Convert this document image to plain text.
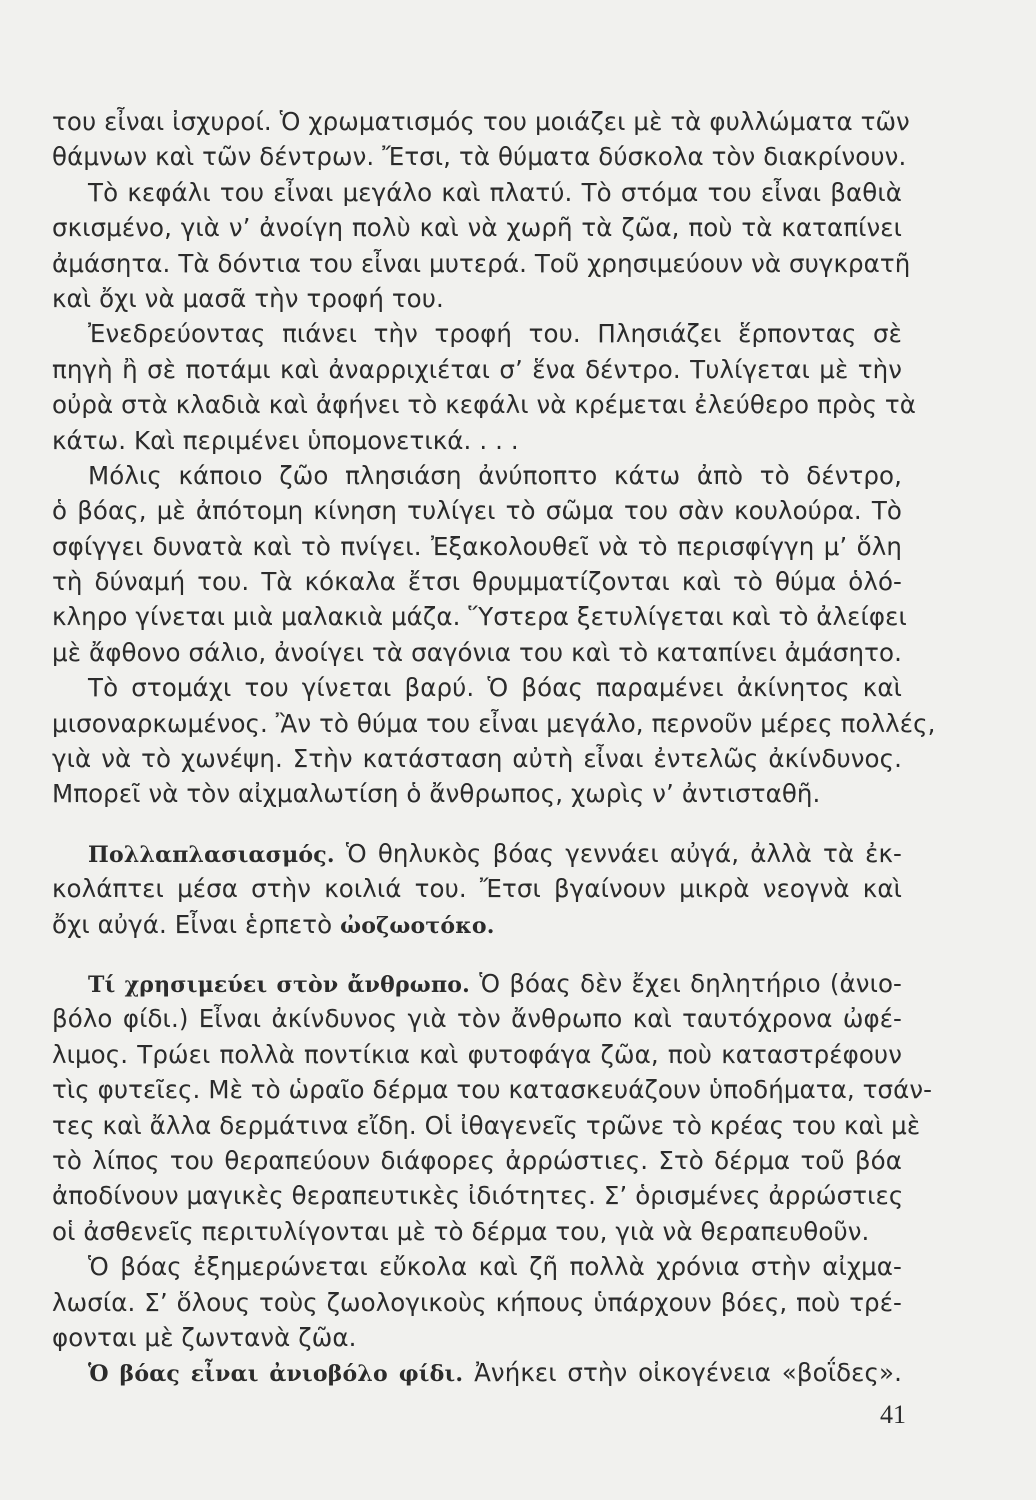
του εἶναι ἰσχυροί. Ὁ χρωματισμός του μοιάζει μὲ τὰ φυλλώματα τῶν
θάμνων καὶ τῶν δέντρων. Ἔτσι, τὰ θύματα δύσκολα τὸν διακρίνουν.
Τὸ κεφάλι του εἶναι μεγάλο καὶ πλατύ. Τὸ στόμα του εἶναι βαθιὰ
σκισμένο, γιὰ ν’ ἀνοίγη πολὺ καὶ νὰ χωρῆ τὰ ζῶα, ποὺ τὰ καταπίνει
ἀμάσητα. Τὰ δόντια του εἶναι μυτερά. Τοῦ χρησιμεύουν νὰ συγκρατῆ
καὶ ὄχι νὰ μασᾶ τὴν τροφή του.
Ἐνεδρεύοντας πιάνει τὴν τροφή του. Πλησιάζει ἕρποντας σὲ
πηγὴ ἢ σὲ ποτάμι καὶ ἀναρριχιέται σ’ ἕνα δέντρο. Τυλίγεται μὲ τὴν
οὐρὰ στὰ κλαδιὰ καὶ ἀφήνει τὸ κεφάλι νὰ κρέμεται ἐλεύθερο πρὸς τὰ
κάτω. Καὶ περιμένει ὑπομονετικά. . . .
Μόλις κάποιο ζῶο πλησιάση ἀνύποπτο κάτω ἀπὸ τὸ δέντρο,
ὁ βόας, μὲ ἀπότομη κίνηση τυλίγει τὸ σῶμα του σὰν κουλούρα. Τὸ
σφίγγει δυνατὰ καὶ τὸ πνίγει. Ἐξακολουθεῖ νὰ τὸ περισφίγγη μ’ ὅλη
τὴ δύναμή του. Τὰ κόκαλα ἔτσι θρυμματίζονται καὶ τὸ θύμα ὁλό-
κληρο γίνεται μιὰ μαλακιὰ μάζα. Ὕστερα ξετυλίγεται καὶ τὸ ἀλείφει
μὲ ἄφθονο σάλιο, ἀνοίγει τὰ σαγόνια του καὶ τὸ καταπίνει ἀμάσητο.
Τὸ στομάχι του γίνεται βαρύ. Ὁ βόας παραμένει ἀκίνητος καὶ
μισοναρκωμένος. Ἂν τὸ θύμα του εἶναι μεγάλο, περνοῦν μέρες πολλές,
γιὰ νὰ τὸ χωνέψη. Στὴν κατάσταση αὐτὴ εἶναι ἐντελῶς ἀκίνδυνος.
Μπορεῖ νὰ τὸν αἰχμαλωτίση ὁ ἄνθρωπος, χωρὶς ν’ ἀντισταθῆ.
Πολλαπλασιασμός. Ὁ θηλυκὸς βόας γεννάει αὐγά, ἀλλὰ τὰ ἐκ-
κολάπτει μέσα στὴν κοιλιά του. Ἔτσι βγαίνουν μικρὰ νεογνὰ καὶ
ὄχι αὐγά. Εἶναι ἑρπετὸ ὠοζωοτόκο.
Τί χρησιμεύει στὸν ἄνθρωπο. Ὁ βόας δὲν ἔχει δηλητήριο (ἀνιο-
βόλο φίδι.) Εἶναι ἀκίνδυνος γιὰ τὸν ἄνθρωπο καὶ ταυτόχρονα ὠφέ-
λιμος. Τρώει πολλὰ ποντίκια καὶ φυτοφάγα ζῶα, ποὺ καταστρέφουν
τὶς φυτεῖες. Μὲ τὸ ὡραῖο δέρμα του κατασκευάζουν ὑποδήματα, τσάν-
τες καὶ ἄλλα δερμάτινα εἴδη. Οἱ ἰθαγενεῖς τρῶνε τὸ κρέας του καὶ μὲ
τὸ λίπος του θεραπεύουν διάφορες ἀρρώστιες. Στὸ δέρμα τοῦ βόα
ἀποδίνουν μαγικὲς θεραπευτικὲς ἰδιότητες. Σ’ ὁρισμένες ἀρρώστιες
οἱ ἀσθενεῖς περιτυλίγονται μὲ τὸ δέρμα του, γιὰ νὰ θεραπευθοῦν.
Ὁ βόας ἐξημερώνεται εὔκολα καὶ ζῆ πολλὰ χρόνια στὴν αἰχμα-
λωσία. Σ’ ὅλους τοὺς ζωολογικοὺς κήπους ὑπάρχουν βόες, ποὺ τρέ-
φονται μὲ ζωντανὰ ζῶα.
Ὁ βόας εἶναι ἀνιοβόλο φίδι. Ἀνήκει στὴν οἰκογένεια «βοΐδες».
41
